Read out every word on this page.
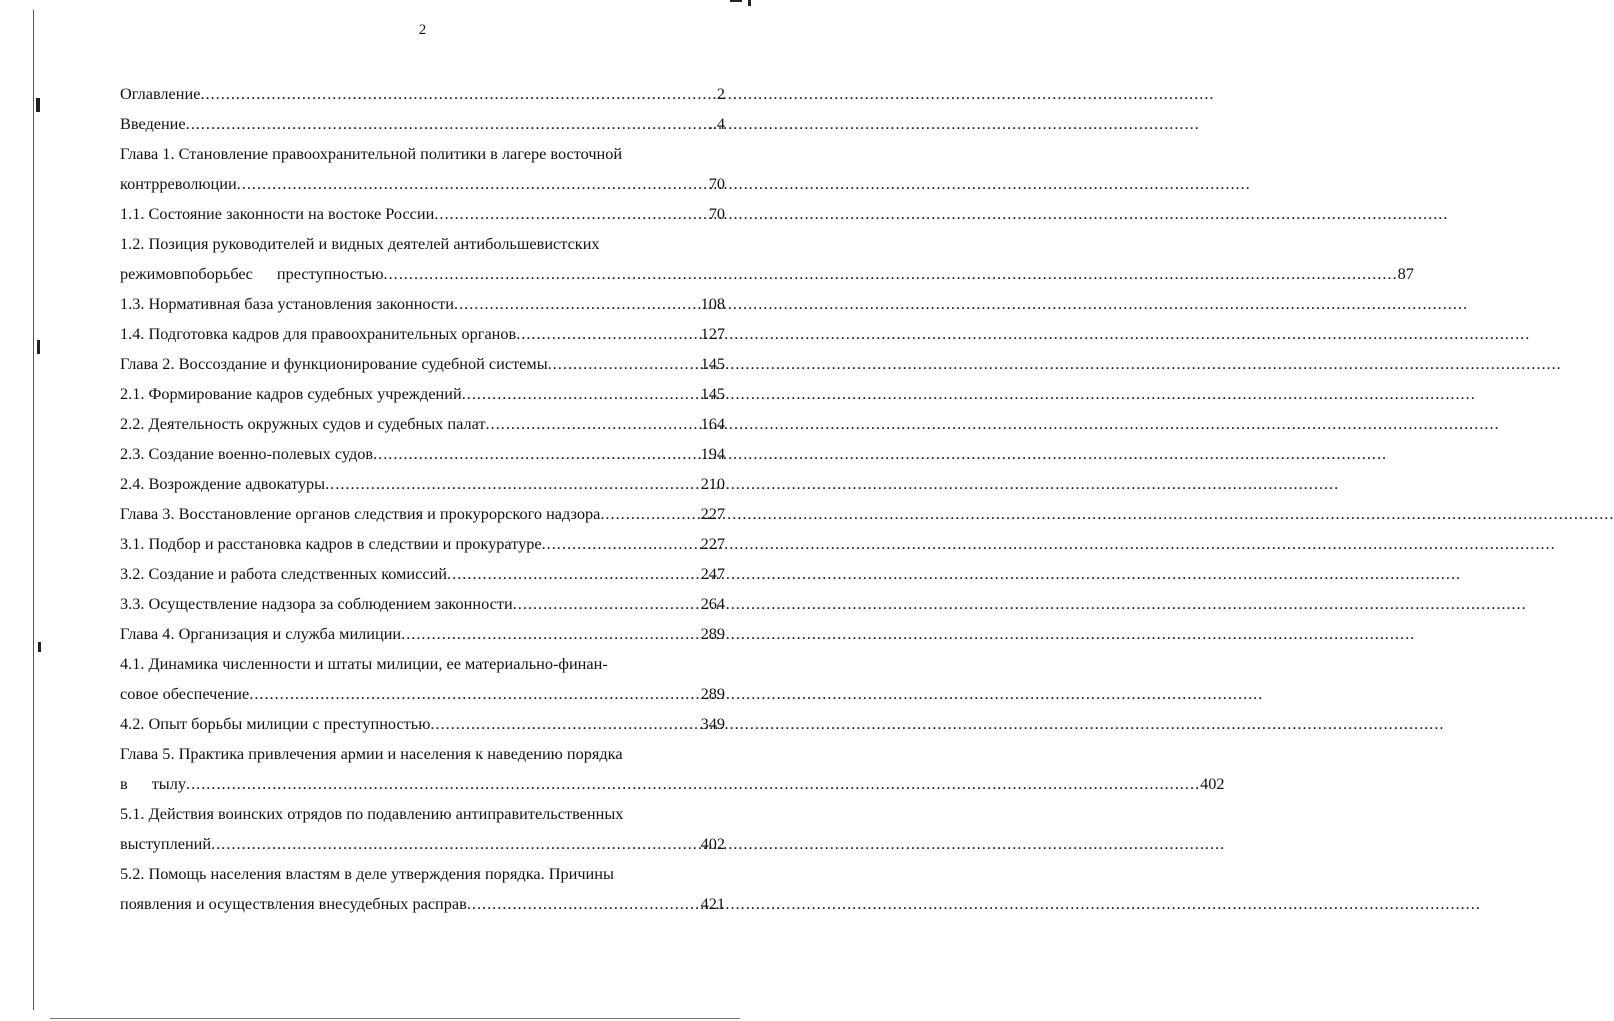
2
Оглавление .....	2
Введение .....	..4
Глава 1. Становление правоохранительной политики в лагере восточной
контрреволюции .....	70
1.1. Состояние законности на востоке России .....	70
1.2. Позиция руководителей и видных деятелей антибольшевистских
режимов по борьбе с преступностью .....	87
1.3. Нормативная база установления законности .....	108
1.4. Подготовка кадров для правоохранительных органов .....	127
Глава 2. Воссоздание и функционирование судебной системы .....	145
2.1. Формирование кадров судебных учреждений .....	145
2.2. Деятельность окружных судов и судебных палат .....	164
2.3. Создание военно-полевых судов .....	194
2.4. Возрождение адвокатуры .....	210
Глава 3. Восстановление органов следствия и прокурорского надзора .....	227
3.1. Подбор и расстановка кадров в следствии и прокуратуре .....	227
3.2. Создание и работа следственных комиссий .....	247
3.3. Осуществление надзора за соблюдением законности .....	264
Глава 4. Организация и служба милиции .....	289
4.1. Динамика численности и штаты милиции, ее материально-финан-
совое обеспечение .....	289
4.2. Опыт борьбы милиции с преступностью .....	349
Глава 5. Практика привлечения армии и населения к наведению порядка
в тылу .....	402
5.1. Действия воинских отрядов по подавлению антиправительственных
выступлений .....	402
5.2. Помощь населения властям в деле утверждения порядка. Причины
появления и осуществления внесудебных расправ .....	421
